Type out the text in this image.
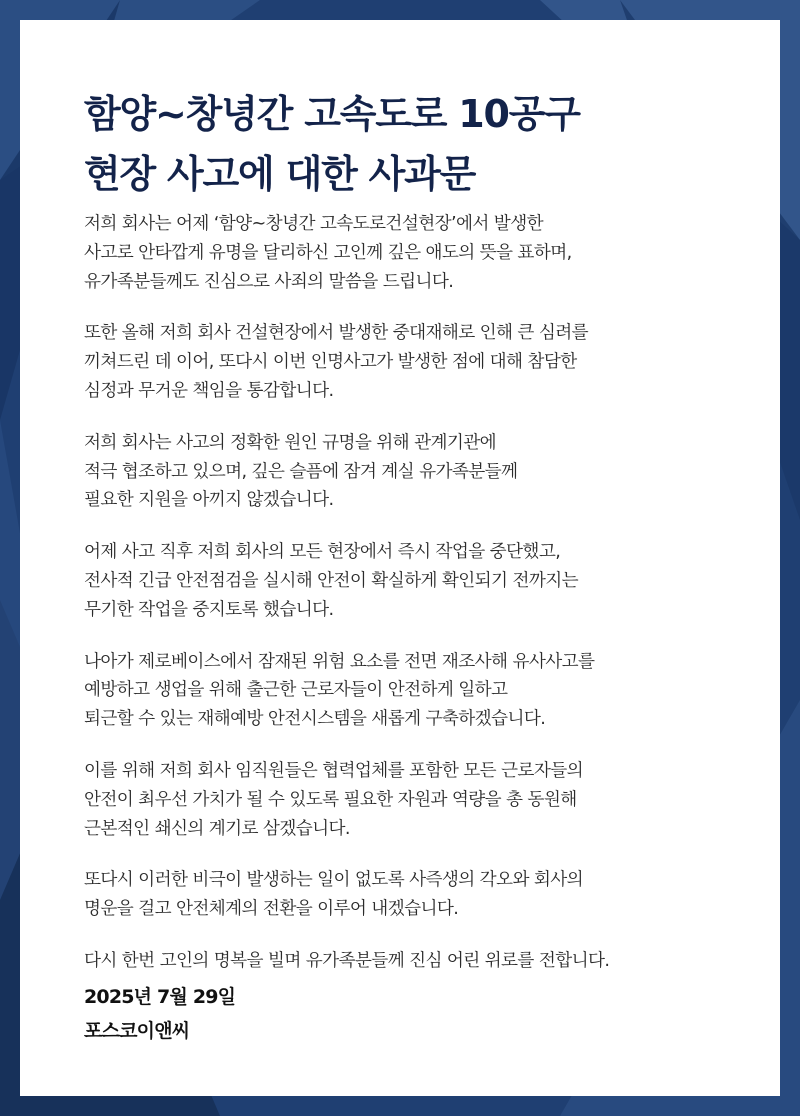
함양~창녕간 고속도로 10공구
현장 사고에 대한 사과문

저희 회사는 어제 ‘함양~창녕간 고속도로건설현장’에서 발생한
사고로 안타깝게 유명을 달리하신 고인께 깊은 애도의 뜻을 표하며,
유가족분들께도 진심으로 사죄의 말씀을 드립니다.

또한 올해 저희 회사 건설현장에서 발생한 중대재해로 인해 큰 심려를
끼쳐드린 데 이어, 또다시 이번 인명사고가 발생한 점에 대해 참담한
심정과 무거운 책임을 통감합니다.

저희 회사는 사고의 정확한 원인 규명을 위해 관계기관에
적극 협조하고 있으며, 깊은 슬픔에 잠겨 계실 유가족분들께
필요한 지원을 아끼지 않겠습니다.

어제 사고 직후 저희 회사의 모든 현장에서 즉시 작업을 중단했고,
전사적 긴급 안전점검을 실시해 안전이 확실하게 확인되기 전까지는
무기한 작업을 중지토록 했습니다.

나아가 제로베이스에서 잠재된 위험 요소를 전면 재조사해 유사사고를
예방하고 생업을 위해 출근한 근로자들이 안전하게 일하고
퇴근할 수 있는 재해예방 안전시스템을 새롭게 구축하겠습니다.

이를 위해 저희 회사 임직원들은 협력업체를 포함한 모든 근로자들의
안전이 최우선 가치가 될 수 있도록 필요한 자원과 역량을 총 동원해
근본적인 쇄신의 계기로 삼겠습니다.

또다시 이러한 비극이 발생하는 일이 없도록 사즉생의 각오와 회사의
명운을 걸고 안전체계의 전환을 이루어 내겠습니다.

다시 한번 고인의 명복을 빌며 유가족분들께 진심 어린 위로를 전합니다.

2025년 7월 29일
포스코이앤씨
